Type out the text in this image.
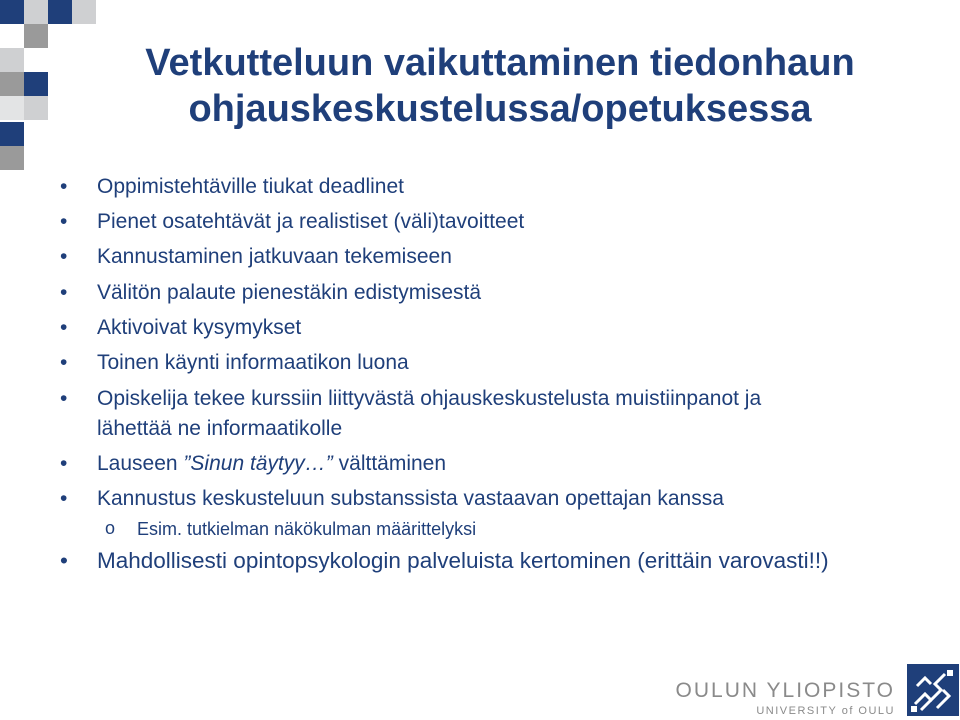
Vetkutteluun vaikuttaminen tiedonhaun
ohjauskeskustelussa/opetuksessa
•	Oppimistehtäville tiukat deadlinet
•	Pienet osatehtävät ja realistiset (väli)tavoitteet
•	Kannustaminen jatkuvaan tekemiseen
•	Välitön palaute pienestäkin edistymisestä
•	Aktivoivat kysymykset
•	Toinen käynti informaatikon luona
•	Opiskelija tekee kurssiin liittyvästä ohjauskeskustelusta muistiinpanot ja
lähettää ne informaatikolle
•	Lauseen ”Sinun täytyy…” välttäminen
•	Kannustus keskusteluun substanssista vastaavan opettajan kanssa
o Esim. tutkielman näkökulman määrittelyksi
•	Mahdollisesti opintopsykologin palveluista kertominen (erittäin varovasti!!)
OULUN YLIOPISTO
UNIVERSITY of OULU
